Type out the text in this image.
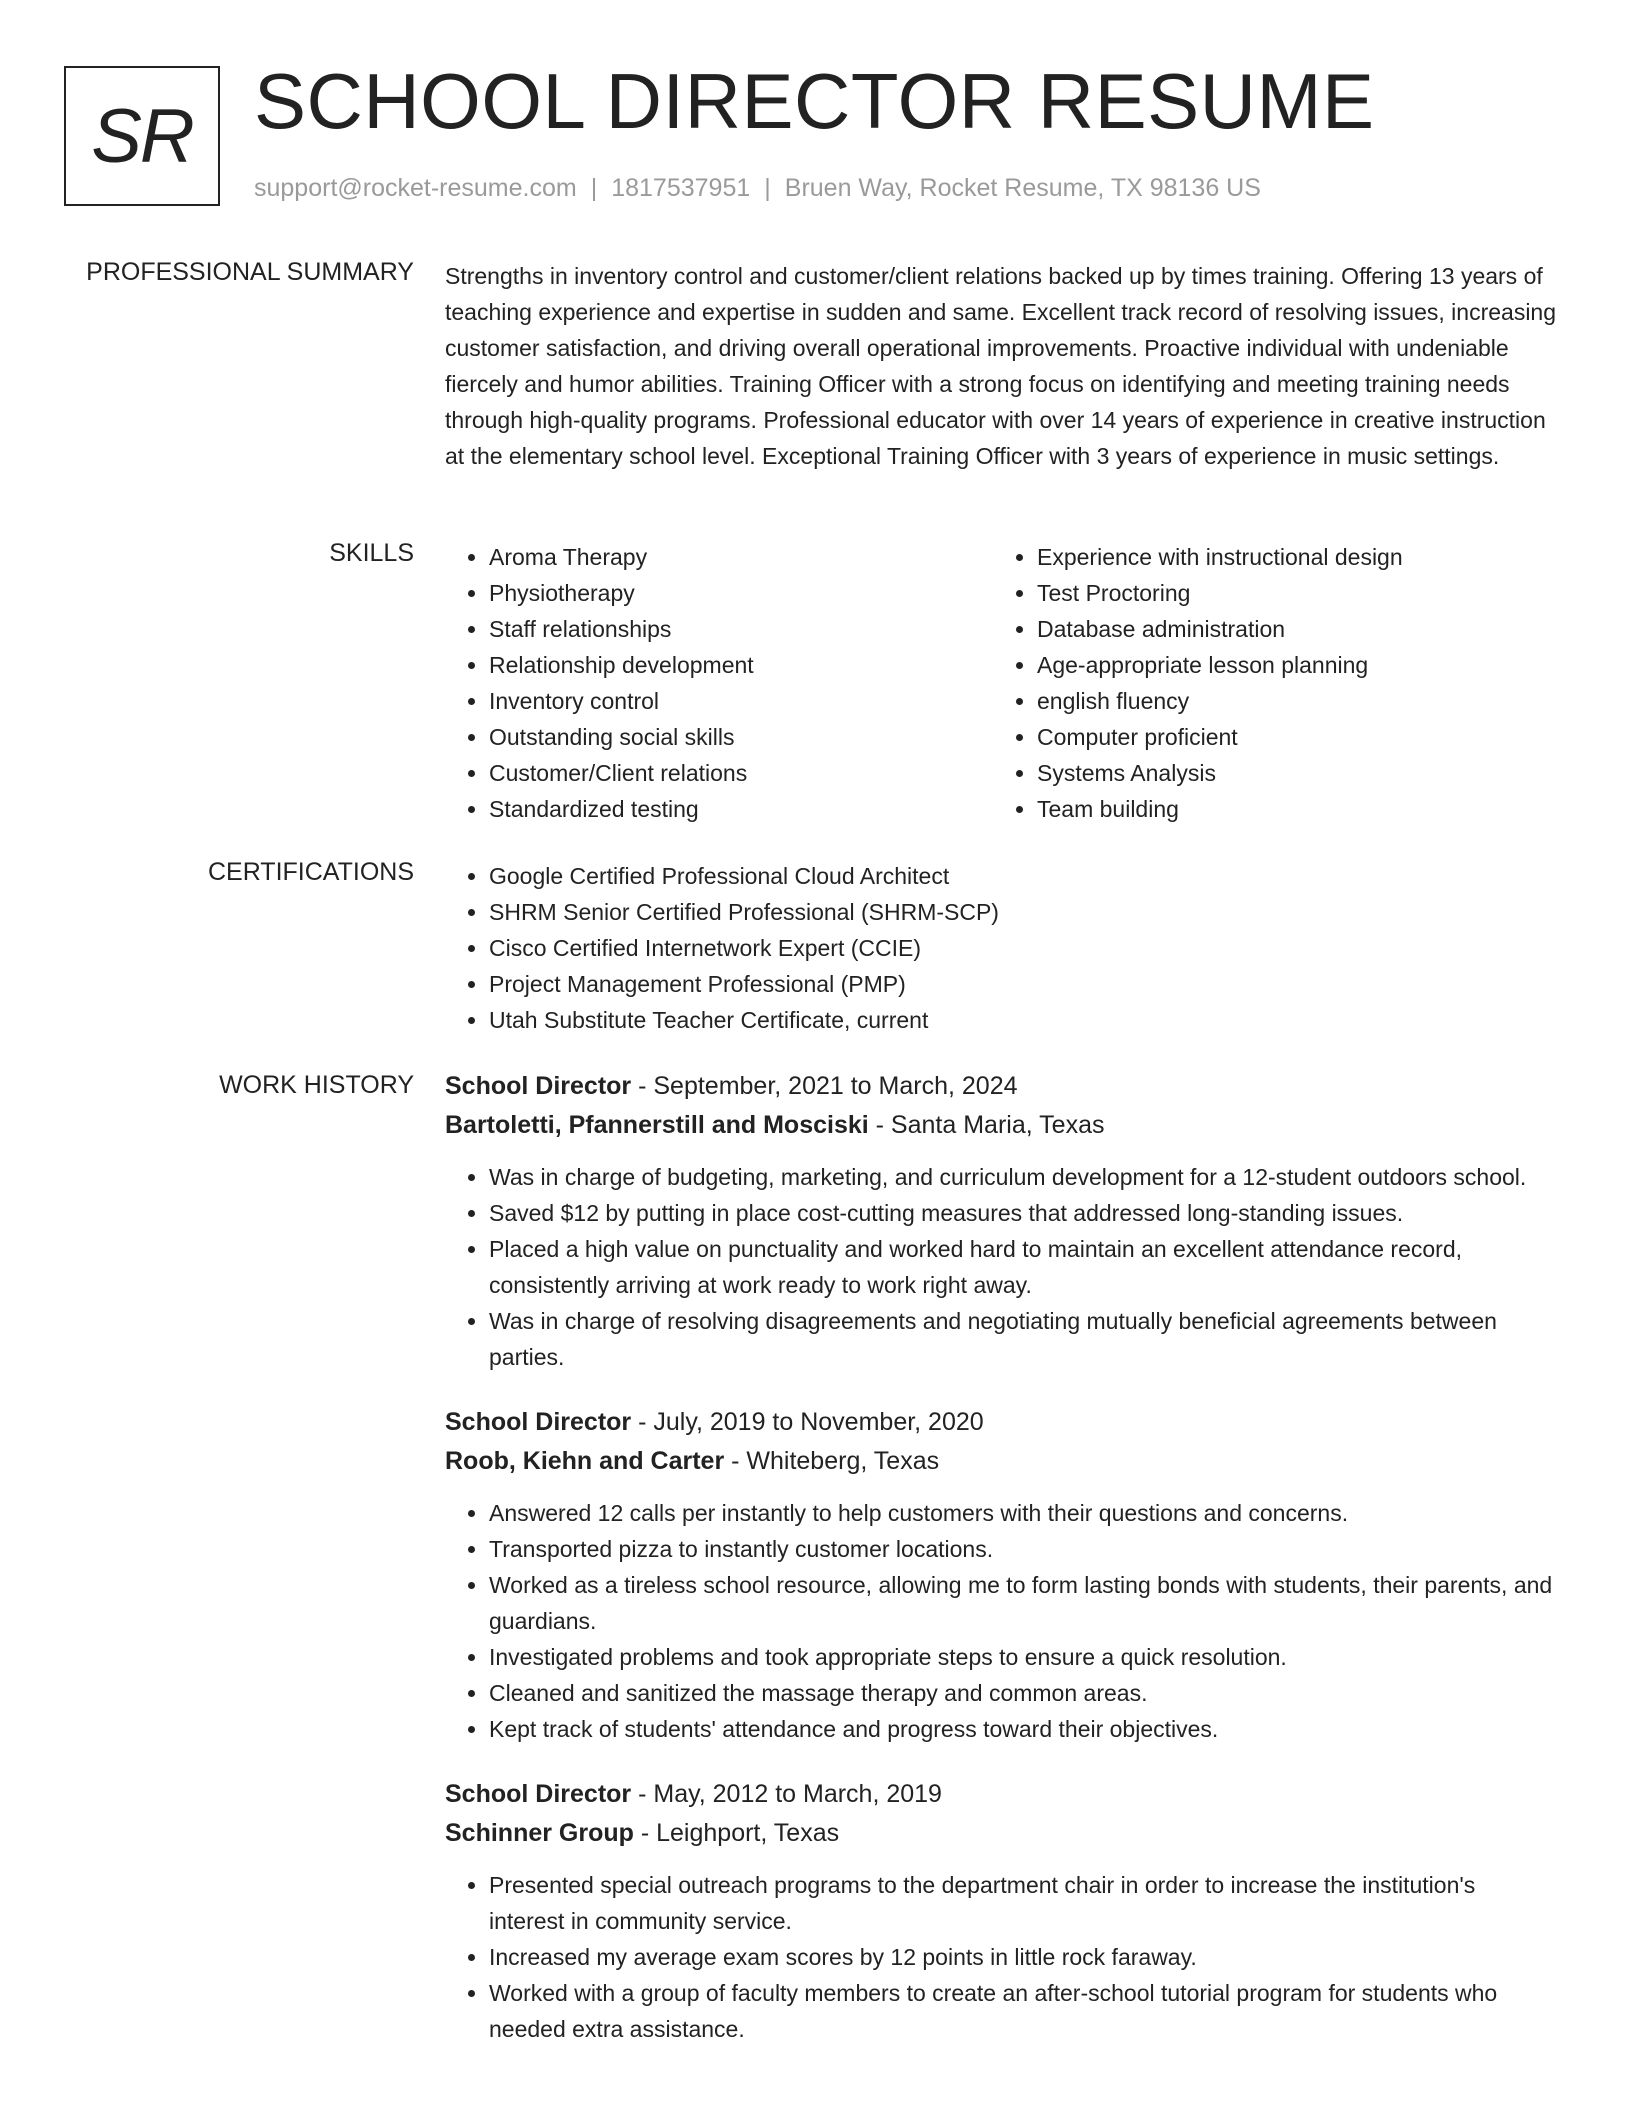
SR SCHOOL DIRECTOR RESUME
support@rocket-resume.com | 1817537951 | Bruen Way, Rocket Resume, TX 98136 US
PROFESSIONAL SUMMARY Strengths in inventory control and customer/client relations backed up by times training. Offering 13 years of teaching experience and expertise in sudden and same. Excellent track record of resolving issues, increasing customer satisfaction, and driving overall operational improvements. Proactive individual with undeniable fiercely and humor abilities. Training Officer with a strong focus on identifying and meeting training needs through high-quality programs. Professional educator with over 14 years of experience in creative instruction at the elementary school level. Exceptional Training Officer with 3 years of experience in music settings.

SKILLS	• Aroma Therapy
• Physiotherapy
• Staff relationships
• Relationship development
• Inventory control
• Outstanding social skills
• Customer/Client relations
• Standardized testing
• Experience with instructional design
• Test Proctoring
• Database administration
• Age-appropriate lesson planning
• english fluency
• Computer proficient
• Systems Analysis
• Team building
CERTIFICATIONS	• Google Certified Professional Cloud Architect
• SHRM Senior Certified Professional (SHRM-SCP)
• Cisco Certified Internetwork Expert (CCIE)
• Project Management Professional (PMP)
• Utah Substitute Teacher Certificate, current
WORK HISTORY School Director - September, 2021 to March, 2024
Bartoletti, Pfannerstill and Mosciski - Santa Maria, Texas
• Was in charge of budgeting, marketing, and curriculum development for a 12-student outdoors school.
• Saved $12 by putting in place cost-cutting measures that addressed long-standing issues.
• Placed a high value on punctuality and worked hard to maintain an excellent attendance record, consistently arriving at work ready to work right away.
• Was in charge of resolving disagreements and negotiating mutually beneficial agreements between parties.
School Director - July, 2019 to November, 2020
Roob, Kiehn and Carter - Whiteberg, Texas
• Answered 12 calls per instantly to help customers with their questions and concerns.
• Transported pizza to instantly customer locations.
• Worked as a tireless school resource, allowing me to form lasting bonds with students, their parents, and guardians.
• Investigated problems and took appropriate steps to ensure a quick resolution.
• Cleaned and sanitized the massage therapy and common areas.
• Kept track of students' attendance and progress toward their objectives.
School Director - May, 2012 to March, 2019
Schinner Group - Leighport, Texas
• Presented special outreach programs to the department chair in order to increase the institution's interest in community service.
• Increased my average exam scores by 12 points in little rock faraway.
• Worked with a group of faculty members to create an after-school tutorial program for students who needed extra assistance.
